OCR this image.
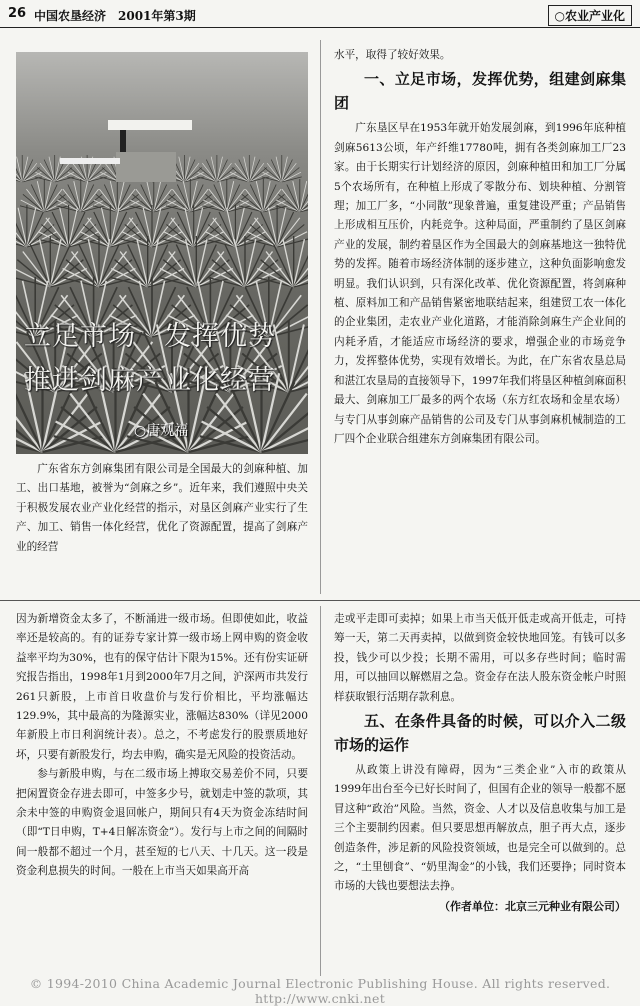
26 中国农垦经济　2001年第3期	○农业产业化
立足市场　发挥优势
推进剑麻产业化经营
○唐观福

广东省东方剑麻集团有限公司是全国最大的剑麻种植、加工、出口基地，被誉为“剑麻之乡”。近年来，我们遵照中央关于积极发展农业产业化经营的指示，对垦区剑麻产业实行了生产、加工、销售一体化经营，优化了资源配置，提高了剑麻产业的经营

水平，取得了较好效果。

一、立足市场，发挥优势，组建剑麻集团

广东垦区早在1953年就开始发展剑麻，到1996年底种植剑麻5613公顷，年产纤维17780吨，拥有各类剑麻加工厂23家。由于长期实行计划经济的原因，剑麻种植田和加工厂分属5个农场所有，在种植上形成了零散分布、划块种植、分割管理；加工厂多，“小同散”现象普遍，重复建设严重；产品销售上形成相互压价，内耗竞争。这种局面，严重制约了垦区剑麻产业的发展，制约着垦区作为全国最大的剑麻基地这一独特优势的发挥。随着市场经济体制的逐步建立，这种负面影响愈发明显。我们认识到，只有深化改革、优化资源配置，将剑麻种植、原料加工和产品销售紧密地联结起来，组建贸工农一体化的企业集团，走农业产业化道路，才能消除剑麻生产企业间的内耗矛盾，才能适应市场经济的要求，增强企业的市场竞争力，发挥整体优势，实现有效增长。为此，在广东省农垦总局和湛江农垦局的直接领导下，1997年我们将垦区种植剑麻面积最大、剑麻加工厂最多的两个农场（东方红农场和金星农场）与专门从事剑麻产品销售的公司及专门从事剑麻机械制造的工厂四个企业联合组建东方剑麻集团有限公司。

因为新增资金太多了，不断涌进一级市场。但即使如此，收益率还是较高的。有的证券专家计算一级市场上网申购的资金收益率平均为30%，也有的保守估计下限为15%。还有份实证研究报告指出，1998年1月到2000年7月之间，沪深两市共发行261只新股，上市首日收盘价与发行价相比，平均涨幅达129.9%，其中最高的为隆源实业，涨幅达830%（详见2000年新股上市日利润统计表）。总之，不考虑发行的股票质地好坏，只要有新股发行，均去申购，确实是无风险的投资活动。

参与新股申购，与在二级市场上搏取交易差价不同，只要把闲置资金存进去即可，中签多少号，就划走中签的款项，其余未中签的申购资金退回帐户，期间只有4天为资金冻结时间（即“T日申购，T+4日解冻资金”）。发行与上市之间的间隔时间一般都不超过一个月，甚至短的七八天、十几天。这一段是资金利息损失的时间。一般在上市当天如果高开高

走或平走即可卖掉；如果上市当天低开低走或高开低走，可持筹一天，第二天再卖掉，以做到资金较快地回笼。有钱可以多投，钱少可以少投；长期不需用，可以多存些时间；临时需用，可以抽回以解燃眉之急。资金存在法人股东资金帐户时照样获取银行活期存款利息。

五、在条件具备的时候，可以介入二级市场的运作

从政策上讲没有障碍，因为“三类企业”入市的政策从1999年出台至今已好长时间了，但国有企业的领导一般都不愿冒这种“政治”风险。当然，资金、人才以及信息收集与加工是三个主要制约因素。但只要思想再解放点，胆子再大点，逐步创造条件，涉足新的风险投资领域，也是完全可以做到的。总之，“土里刨食”、“奶里淘金”的小钱，我们还要挣；同时资本市场的大钱也要想法去挣。

（作者单位：北京三元种业有限公司）

© 1994-2010 China Academic Journal Electronic Publishing House. All rights reserved. http://www.cnki.net
